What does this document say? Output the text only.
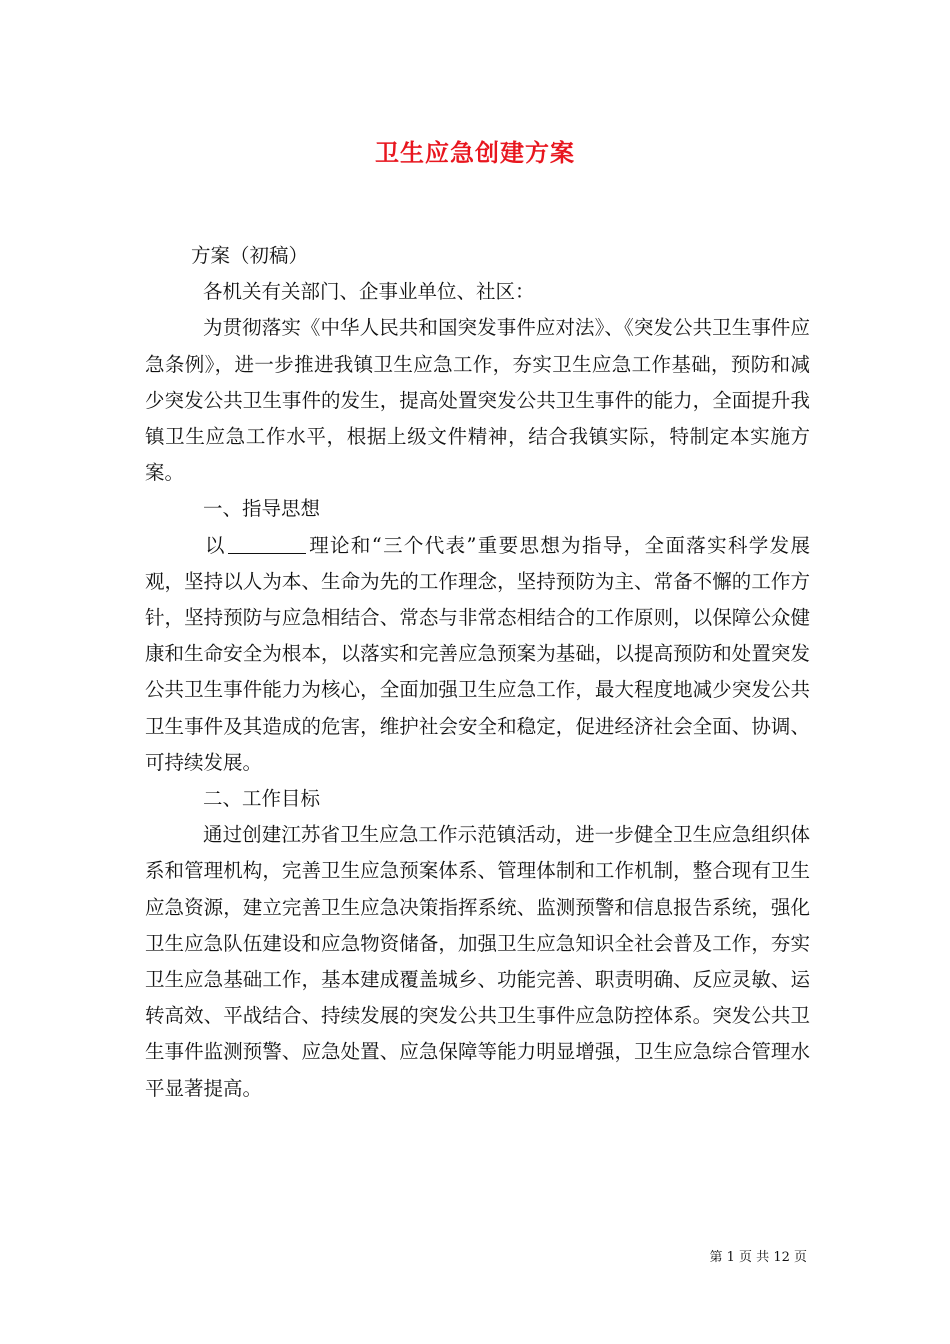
卫生应急创建方案

方案（初稿）

各机关有关部门、企事业单位、社区：

为贯彻落实《中华人民共和国突发事件应对法》、《突发公共卫生事件应急条例》，进一步推进我镇卫生应急工作，夯实卫生应急工作基础，预防和减少突发公共卫生事件的发生，提高处置突发公共卫生事件的能力，全面提升我镇卫生应急工作水平，根据上级文件精神，结合我镇实际，特制定本实施方案。

一、指导思想

以	理论和“三个代表”重要思想为指导，全面落实科学发展观，坚持以人为本、生命为先的工作理念，坚持预防为主、常备不懈的工作方针，坚持预防与应急相结合、常态与非常态相结合的工作原则，以保障公众健康和生命安全为根本，以落实和完善应急预案为基础，以提高预防和处置突发公共卫生事件能力为核心，全面加强卫生应急工作，最大程度地减少突发公共卫生事件及其造成的危害，维护社会安全和稳定，促进经济社会全面、协调、可持续发展。

二、工作目标

通过创建江苏省卫生应急工作示范镇活动，进一步健全卫生应急组织体系和管理机构，完善卫生应急预案体系、管理体制和工作机制，整合现有卫生应急资源，建立完善卫生应急决策指挥系统、监测预警和信息报告系统，强化卫生应急队伍建设和应急物资储备，加强卫生应急知识全社会普及工作，夯实卫生应急基础工作，基本建成覆盖城乡、功能完善、职责明确、反应灵敏、运转高效、平战结合、持续发展的突发公共卫生事件应急防控体系。突发公共卫生事件监测预警、应急处置、应急保障等能力明显增强，卫生应急综合管理水平显著提高。

第 1 页 共 12 页
